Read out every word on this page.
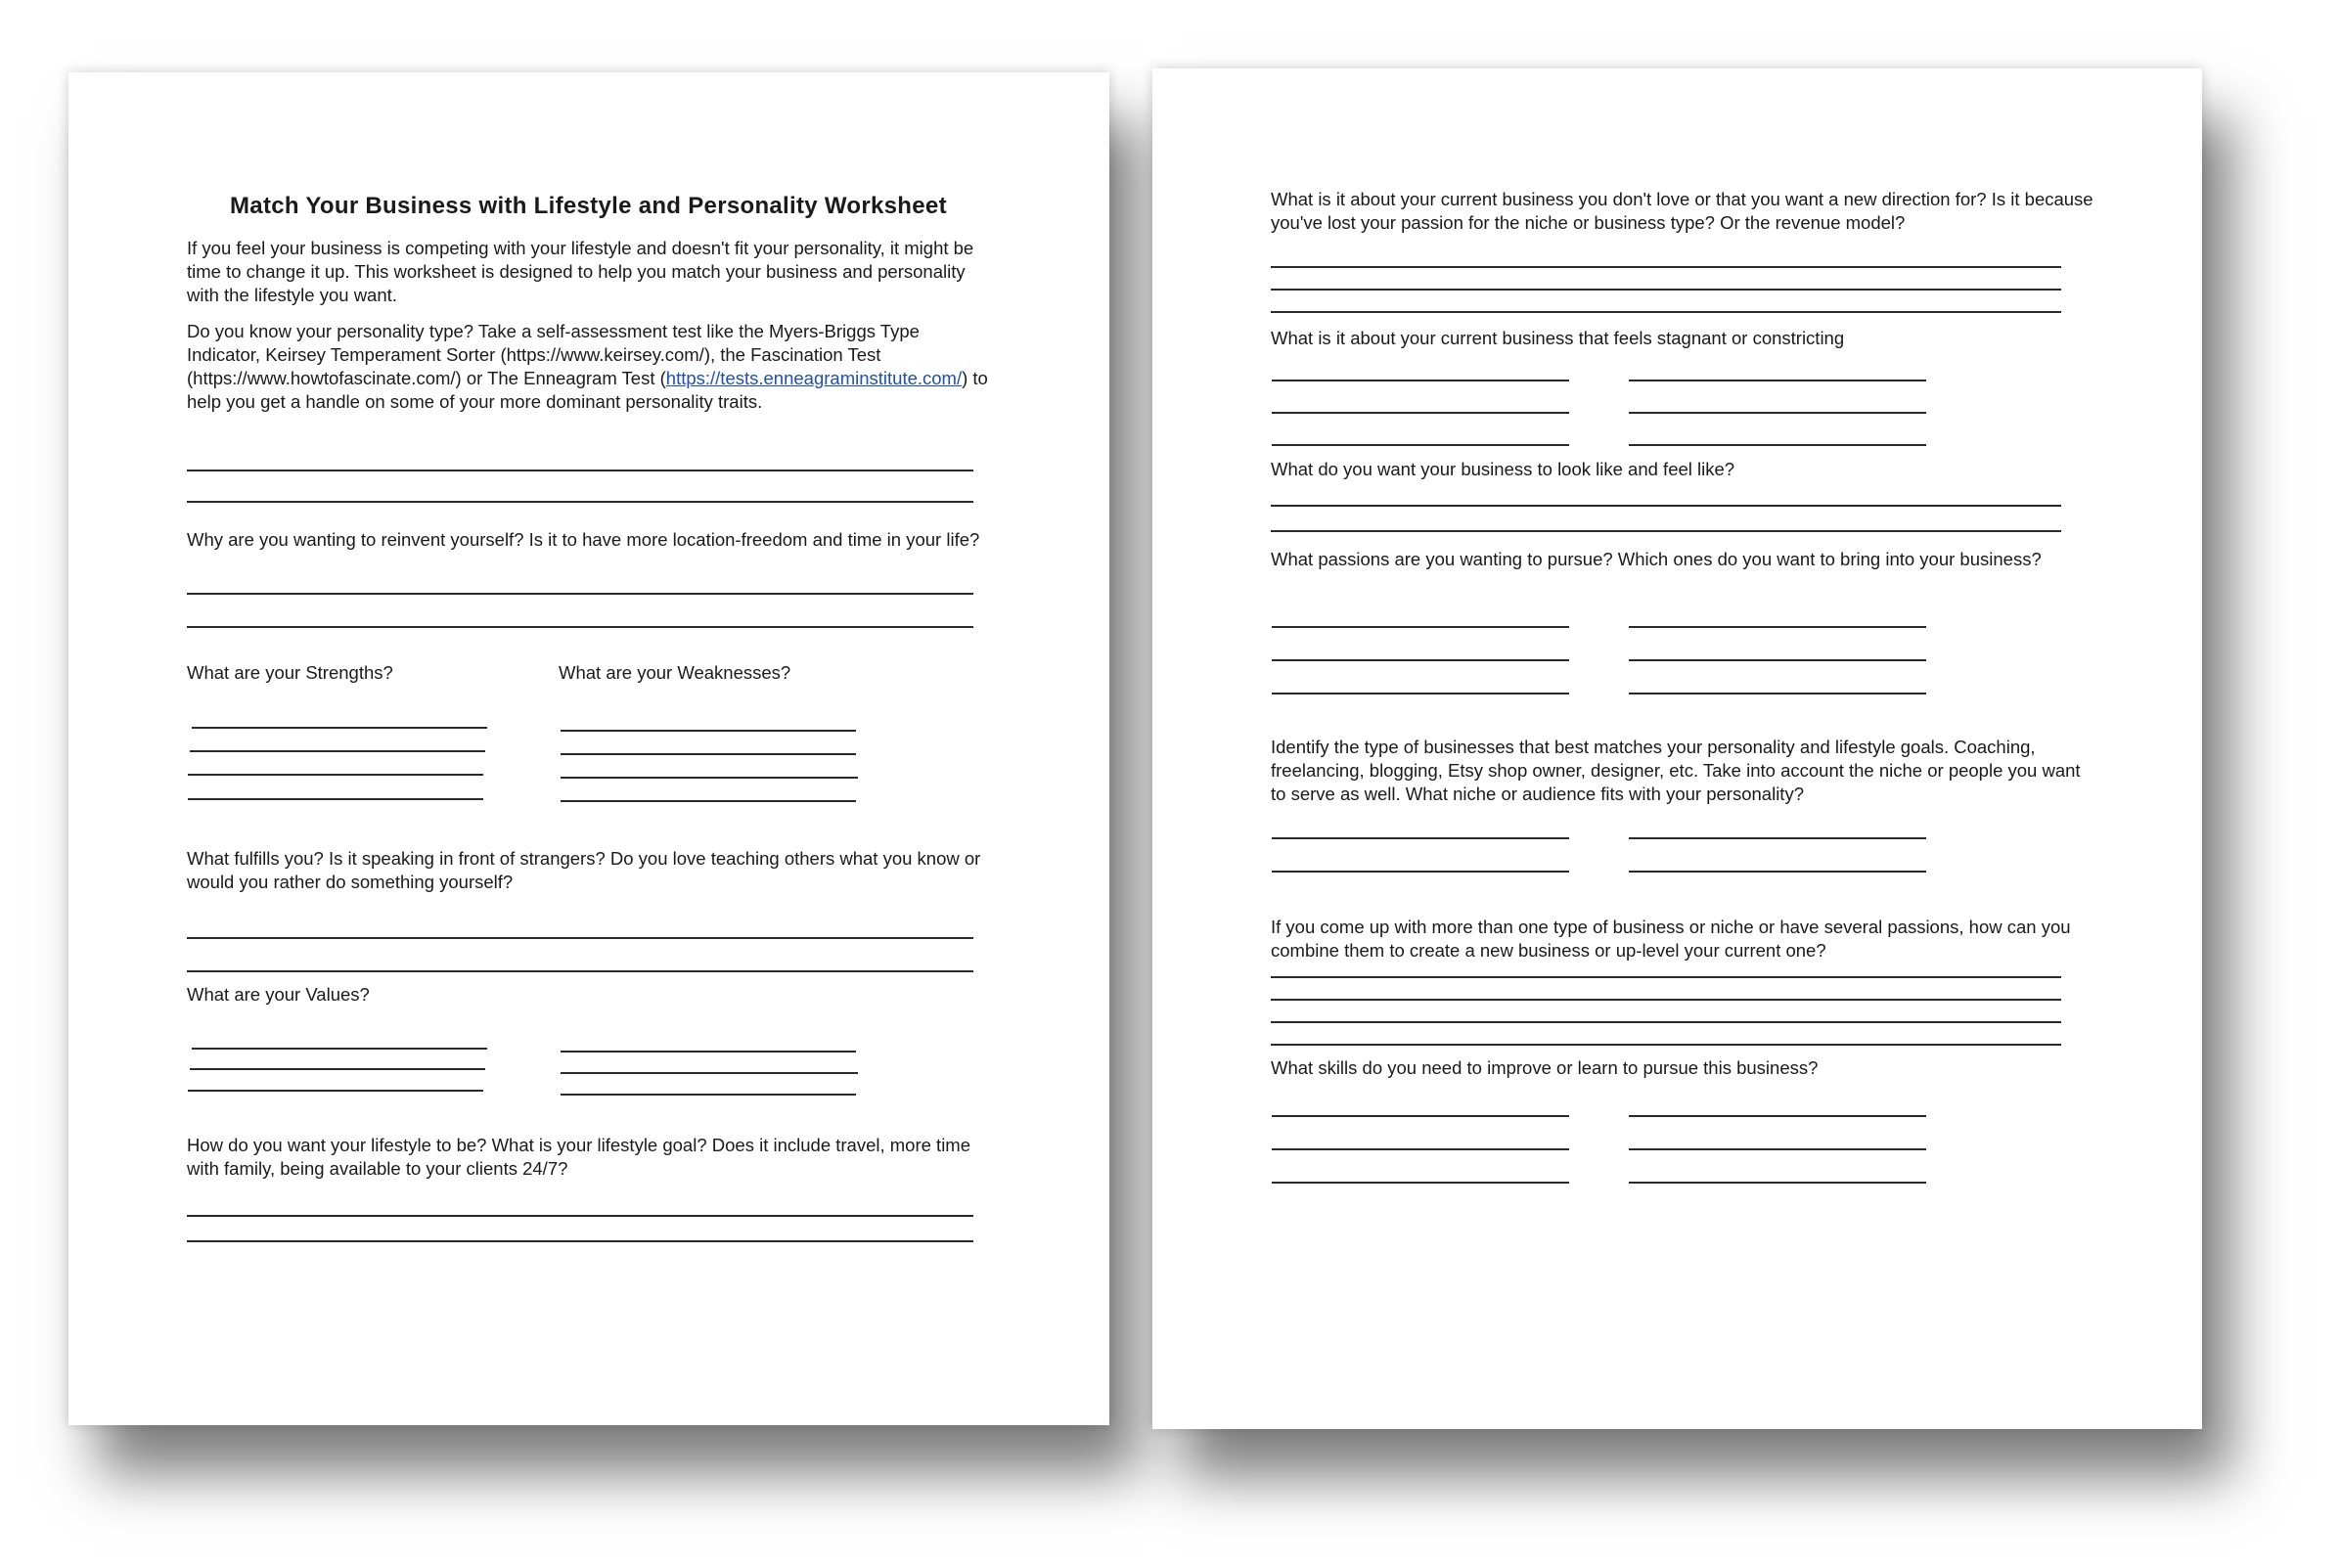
Match Your Business with Lifestyle and Personality Worksheet

If you feel your business is competing with your lifestyle and doesn't fit your personality, it might be time to change it up. This worksheet is designed to help you match your business and personality with the lifestyle you want.

Do you know your personality type? Take a self-assessment test like the Myers-Briggs Type Indicator, Keirsey Temperament Sorter (https://www.keirsey.com/), the Fascination Test (https://www.howtofascinate.com/) or The Enneagram Test (https://tests.enneagraminstitute.com/) to help you get a handle on some of your more dominant personality traits.

Why are you wanting to reinvent yourself? Is it to have more location-freedom and time in your life?

What are your Strengths?	What are your Weaknesses?

What fulfills you? Is it speaking in front of strangers? Do you love teaching others what you know or would you rather do something yourself?

What are your Values?

How do you want your lifestyle to be? What is your lifestyle goal? Does it include travel, more time with family, being available to your clients 24/7?

What is it about your current business you don't love or that you want a new direction for? Is it because you've lost your passion for the niche or business type? Or the revenue model?

What is it about your current business that feels stagnant or constricting

What do you want your business to look like and feel like?

What passions are you wanting to pursue? Which ones do you want to bring into your business?

Identify the type of businesses that best matches your personality and lifestyle goals. Coaching, freelancing, blogging, Etsy shop owner, designer, etc. Take into account the niche or people you want to serve as well. What niche or audience fits with your personality?

If you come up with more than one type of business or niche or have several passions, how can you combine them to create a new business or up-level your current one?

What skills do you need to improve or learn to pursue this business?
